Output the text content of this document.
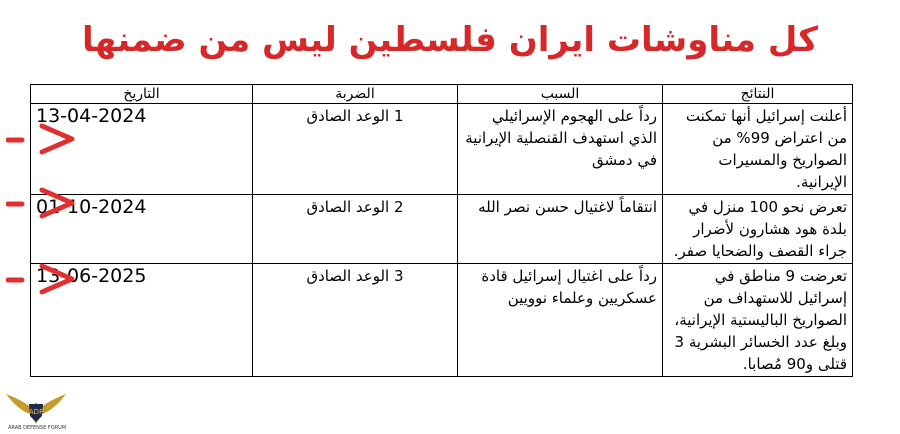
كل مناوشات ايران فلسطين ليس من ضمنها
النتائج	السبب	الضربة	التاريخ
أعلنت إسرائيل أنها تمكنت من اعتراض 99% من الصواريخ والمسيرات الإيرانية.	رداً على الهجوم الإسرائيلي الذي استهدف القنصلية الإيرانية في دمشق	1 الوعد الصادق	13-04-2024
تعرض نحو 100 منزل في بلدة هود هشارون لأضرار جراء القصف والضحايا صفر.	انتقاماً لاغتيال حسن نصر الله	2 الوعد الصادق	01-10-2024
تعرضت 9 مناطق في إسرائيل للاستهداف من الصواريخ الباليستية الإيرانية، وبلغ عدد الخسائر البشرية 3 قتلى و90 مُصابا.	رداً على اغتيال إسرائيل قادة عسكريين وعلماء نوويين	3 الوعد الصادق	13-06-2025
ADF
ARAB DEFENSE FORUM
